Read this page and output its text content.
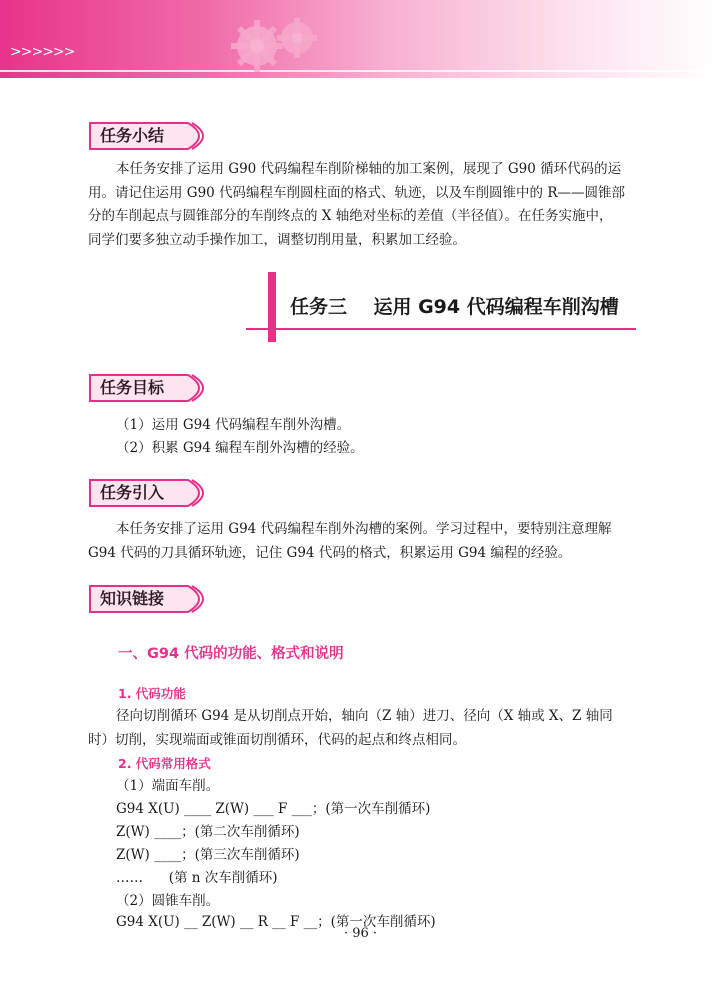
>>>>>>
任务小结
本任务安排了运用 G90 代码编程车削阶梯轴的加工案例，展现了 G90 循环代码的运
用。请记住运用 G90 代码编程车削圆柱面的格式、轨迹，以及车削圆锥中的 R——圆锥部
分的车削起点与圆锥部分的车削终点的 X 轴绝对坐标的差值（半径值）。在任务实施中，
同学们要多独立动手操作加工，调整切削用量，积累加工经验。
任务三    运用 G94 代码编程车削沟槽
任务目标
（1）运用 G94 代码编程车削外沟槽。
（2）积累 G94 编程车削外沟槽的经验。
任务引入
本任务安排了运用 G94 代码编程车削外沟槽的案例。学习过程中，要特别注意理解
G94 代码的刀具循环轨迹，记住 G94 代码的格式，积累运用 G94 编程的经验。
知识链接
一、G94 代码的功能、格式和说明
1. 代码功能
径向切削循环 G94 是从切削点开始，轴向（Z 轴）进刀、径向（X 轴或 X、Z 轴同
时）切削，实现端面或锥面切削循环，代码的起点和终点相同。
2. 代码常用格式
（1）端面车削。
G94 X(U) ____ Z(W) ___ F ___；(第一次车削循环)
Z(W) ____；(第二次车削循环)
Z(W) ____；(第三次车削循环)
……      (第 n 次车削循环)
（2）圆锥车削。
G94 X(U) __ Z(W) __ R __ F __；(第一次车削循环)
· 96 ·
